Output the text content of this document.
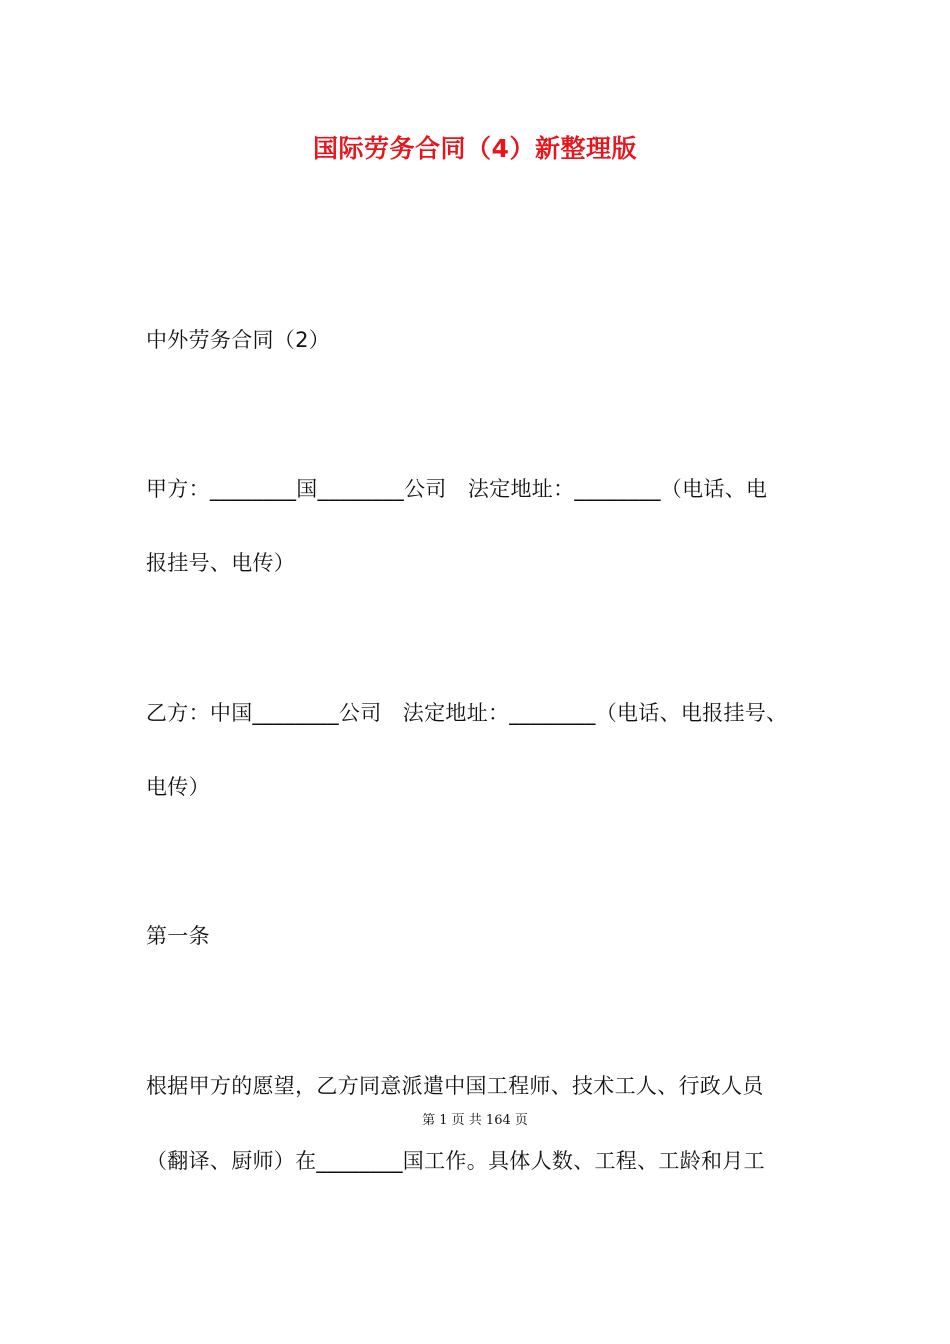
国际劳务合同（4）新整理版
中外劳务合同（2）
甲方：________国________公司　法定地址：________（电话、电
报挂号、电传）
乙方：中国________公司　法定地址：________（电话、电报挂号、
电传）
第一条
根据甲方的愿望，乙方同意派遣中国工程师、技术工人、行政人员
第 1 页 共 164 页
（翻译、厨师）在________国工作。具体人数、工程、工龄和月工
